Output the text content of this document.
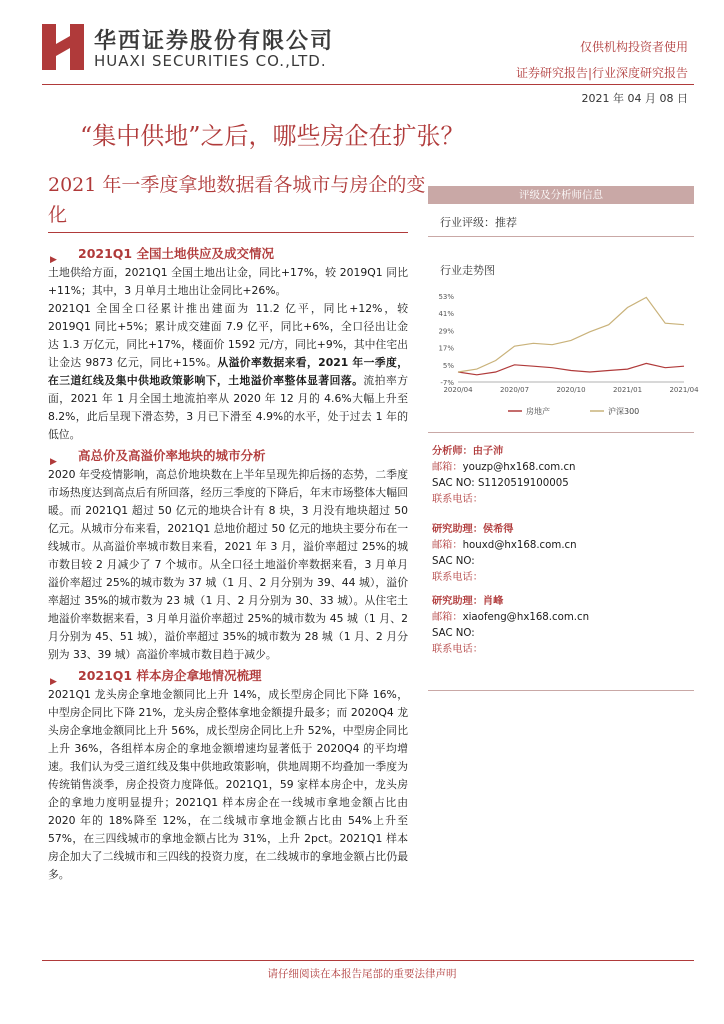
华西证券股份有限公司
HUAXI SECURITIES CO.,LTD.
仅供机构投资者使用
证券研究报告|行业深度研究报告
2021 年 04 月 08 日
“集中供地”之后，哪些房企在扩张？
2021 年一季度拿地数据看各城市与房企的变化
▶ 2021Q1 全国土地供应及成交情况

土地供给方面，2021Q1 全国土地出让金，同比+17%，较 2019Q1 同比+11%；其中，3 月单月土地出让金同比+26%。

2021Q1 全国全口径累计推出建面为 11.2 亿平，同比+12%，较 2019Q1 同比+5%；累计成交建面 7.9 亿平，同比+6%，全口径出让金达 1.3 万亿元，同比+17%，楼面价 1592 元/方，同比+9%，其中住宅出让金达 9873 亿元，同比+15%。从溢价率数据来看，2021 年一季度，在三道红线及集中供地政策影响下，土地溢价率整体显著回落。流拍率方面，2021 年 1 月全国土地流拍率从 2020 年 12 月的 4.6%大幅上升至 8.2%，此后呈现下滑态势，3 月已下滑至 4.9%的水平，处于过去 1 年的低位。

▶ 高总价及高溢价率地块的城市分析

2020 年受疫情影响，高总价地块数在上半年呈现先抑后扬的态势，二季度市场热度达到高点后有所回落，经历三季度的下降后，年末市场整体大幅回暖。而 2021Q1 超过 50 亿元的地块合计有 8 块，3 月没有地块超过 50 亿元。从城市分布来看，2021Q1 总地价超过 50 亿元的地块主要分布在一线城市。从高溢价率城市数目来看，2021 年 3 月，溢价率超过 25%的城市数目较 2 月减少了 7 个城市。从全口径土地溢价率数据来看，3 月单月溢价率超过 25%的城市数为 37 城（1 月、2 月分别为 39、44 城），溢价率超过 35%的城市数为 23 城（1 月、2 月分别为 30、33 城）。从住宅土地溢价率数据来看，3 月单月溢价率超过 25%的城市数为 45 城（1 月、2 月分别为 45、51 城），溢价率超过 35%的城市数为 28 城（1 月、2 月分别为 33、39 城）高溢价率城市数目趋于减少。

▶ 2021Q1 样本房企拿地情况梳理

2021Q1 龙头房企拿地金额同比上升 14%，成长型房企同比下降 16%，中型房企同比下降 21%，龙头房企整体拿地金额提升最多；而 2020Q4 龙头房企拿地金额同比上升 56%，成长型房企同比上升 52%，中型房企同比上升 36%，各组样本房企的拿地金额增速均显著低于 2020Q4 的平均增速。我们认为受三道红线及集中供地政策影响，供地周期不均叠加一季度为传统销售淡季，房企投资力度降低。2021Q1，59 家样本房企中，龙头房企的拿地力度明显提升；2021Q1 样本房企在一线城市拿地金额占比由 2020 年的 18%降至 12%，在二线城市拿地金额占比由 54%上升至 57%，在三四线城市的拿地金额占比为 31%，上升 2pct。2021Q1 样本房企加大了二线城市和三四线的投资力度，在二线城市的拿地金额占比仍最多。

评级及分析师信息
行业评级：推荐
行业走势图
53%
41%
29%
17%
5%
-7%
2020/04	2020/07	2020/10	2021/01	2021/04
房地产	沪深300
分析师：由子沛
邮箱：youzp@hx168.com.cn
SAC NO: S1120519100005
联系电话：
研究助理：侯希得
邮箱：houxd@hx168.com.cn
SAC NO:
联系电话：
研究助理：肖峰
邮箱：xiaofeng@hx168.com.cn
SAC NO:
联系电话：
请仔细阅读在本报告尾部的重要法律声明
